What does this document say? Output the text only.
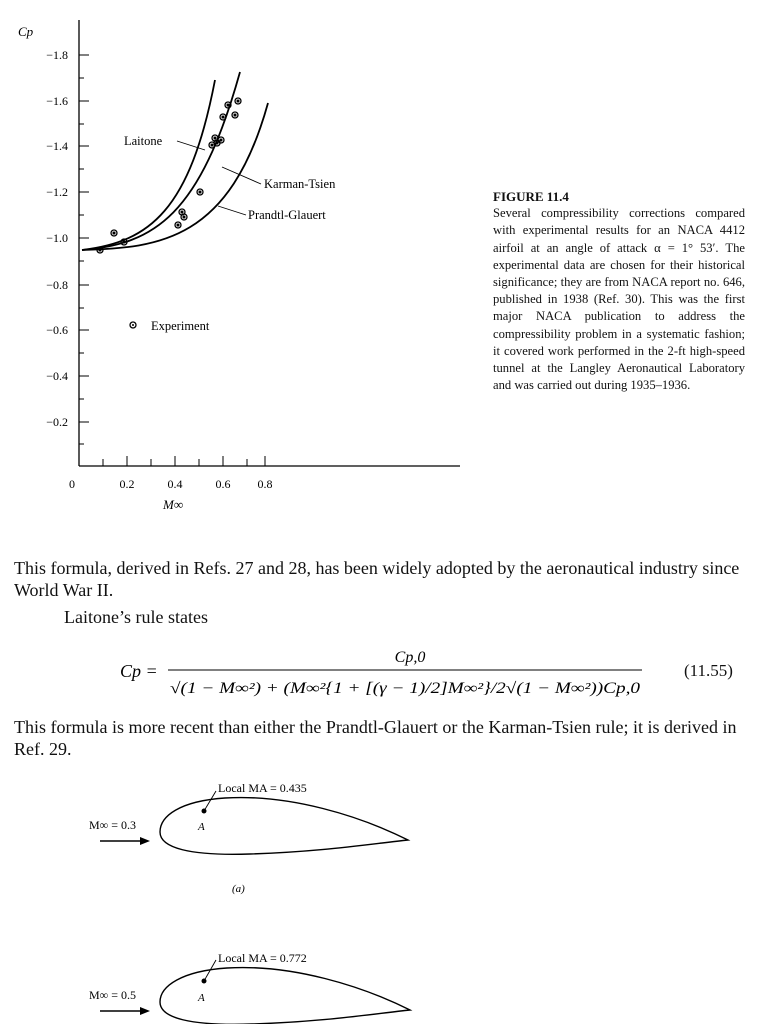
Cp
M∞
−1.8
−1.6
−1.4
−1.2
−1.0
−0.8
−0.6
−0.4
−0.2
0	0.2	0.4	0.6 0.8
Laitone
Karman-Tsien
Prandtl-Glauert
Experiment
FIGURE 11.4
Several compressibility corrections compared with experimental results for an NACA 4412 airfoil at an angle of attack α = 1° 53′. The experimental data are chosen for their historical significance; they are from NACA report no. 646, published in 1938 (Ref. 30). This was the first major NACA publication to address the compressibility problem in a systematic fashion; it covered work performed in the 2-ft high-speed tunnel at the Langley Aeronautical Laboratory and was carried out during 1935–1936.
This formula, derived in Refs. 27 and 28, has been widely adopted by the aeronautical industry since World War II.
Laitone’s rule states
Cp =
Cp,0
√(1 − M∞²) + (M∞²{1 + [(γ − 1)/2]M∞²}/2√(1 − M∞²))Cp,0
(11.55)
This formula is more recent than either the Prandtl-Glauert or the Karman-Tsien rule; it is derived in Ref. 29.
M∞ = 0.3	A
Local MA = 0.435
(a)
M∞ = 0.5	A
Local MA = 0.772
